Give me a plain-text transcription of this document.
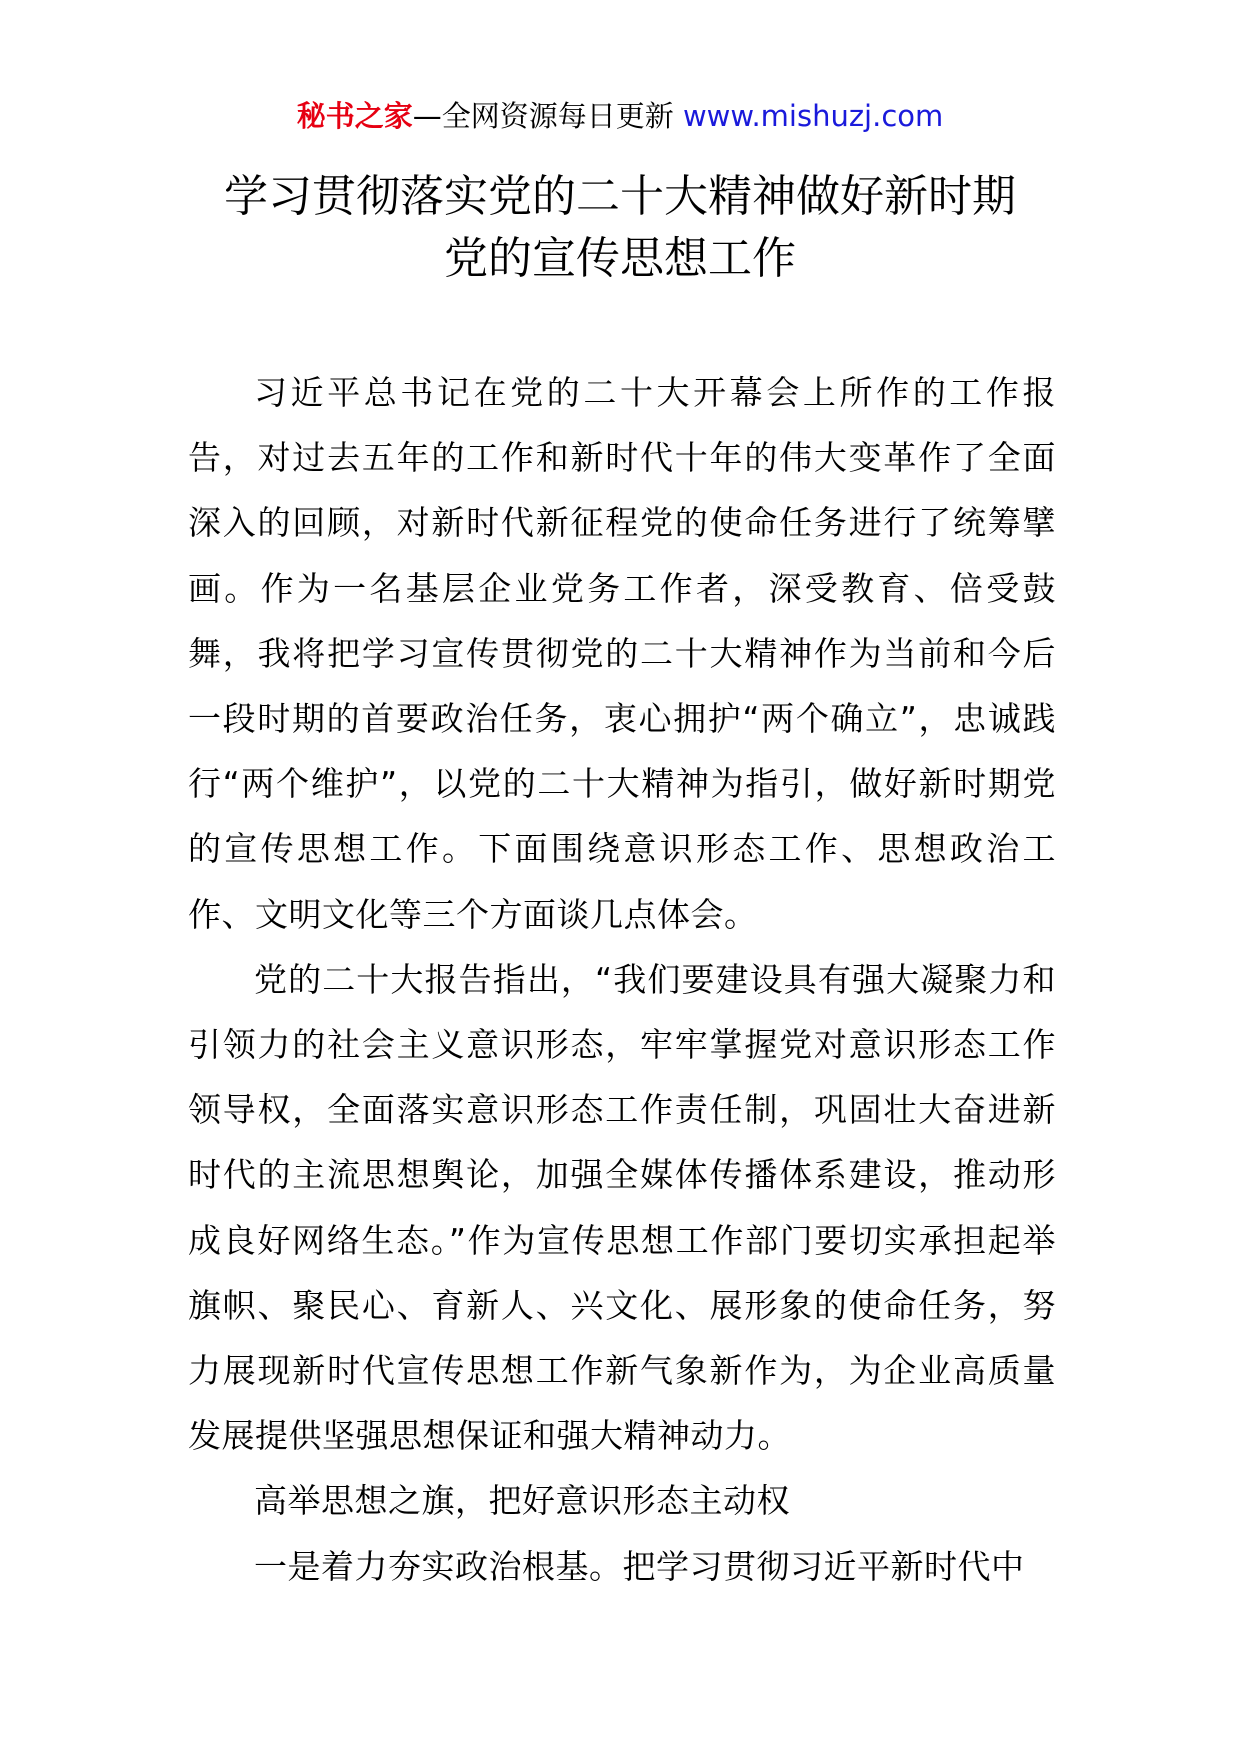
秘书之家—全网资源每日更新 www.mishuzj.com
学习贯彻落实党的二十大精神做好新时期
党的宣传思想工作

习近平总书记在党的二十大开幕会上所作的工作报告，对过去五年的工作和新时代十年的伟大变革作了全面深入的回顾，对新时代新征程党的使命任务进行了统筹擘画。作为一名基层企业党务工作者，深受教育、倍受鼓舞，我将把学习宣传贯彻党的二十大精神作为当前和今后一段时期的首要政治任务，衷心拥护“两个确立”，忠诚践行“两个维护”，以党的二十大精神为指引，做好新时期党的宣传思想工作。下面围绕意识形态工作、思想政治工作、文明文化等三个方面谈几点体会。

党的二十大报告指出，“我们要建设具有强大凝聚力和引领力的社会主义意识形态，牢牢掌握党对意识形态工作领导权，全面落实意识形态工作责任制，巩固壮大奋进新时代的主流思想舆论，加强全媒体传播体系建设，推动形成良好网络生态。”作为宣传思想工作部门要切实承担起举旗帜、聚民心、育新人、兴文化、展形象的使命任务，努力展现新时代宣传思想工作新气象新作为，为企业高质量发展提供坚强思想保证和强大精神动力。

高举思想之旗，把好意识形态主动权

一是着力夯实政治根基。把学习贯彻习近平新时代中
